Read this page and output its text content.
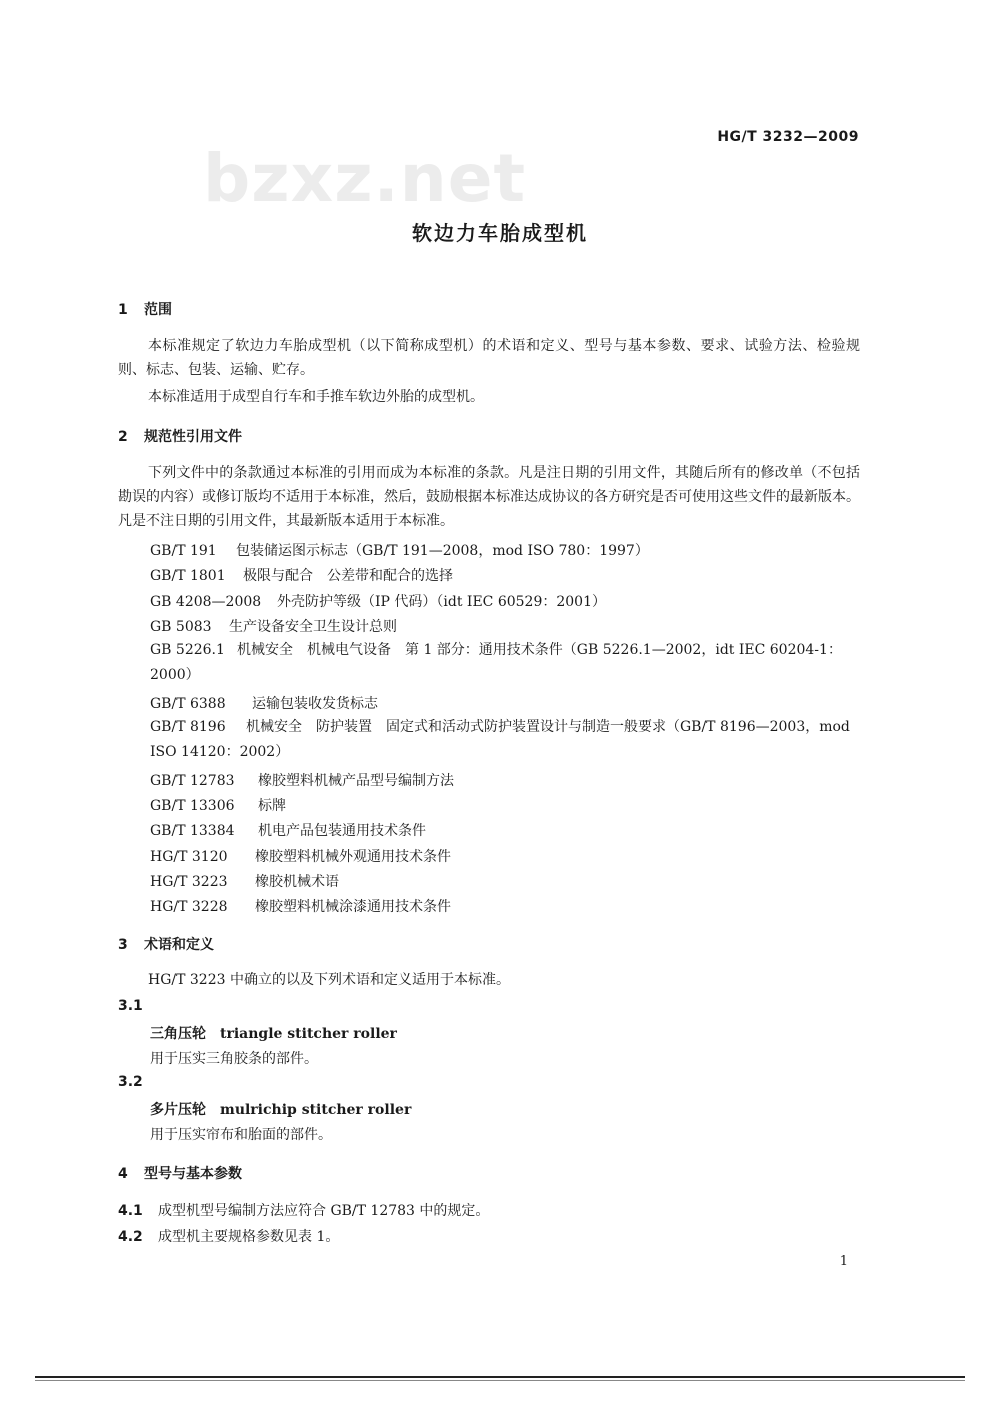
HG/T 3232—2009
bzxz.net
软边力车胎成型机
1 范围
本标准规定了软边力车胎成型机（以下简称成型机）的术语和定义、型号与基本参数、要求、试验方法、检验规则、标志、包装、运输、贮存。
本标准适用于成型自行车和手推车软边外胎的成型机。
2 规范性引用文件
下列文件中的条款通过本标准的引用而成为本标准的条款。凡是注日期的引用文件，其随后所有的修改单（不包括勘误的内容）或修订版均不适用于本标准，然后，鼓励根据本标准达成协议的各方研究是否可使用这些文件的最新版本。凡是不注日期的引用文件，其最新版本适用于本标准。
GB/T 191 包装储运图示标志（GB/T 191—2008，mod ISO 780：1997）
GB/T 1801 极限与配合　公差带和配合的选择
GB 4208—2008 外壳防护等级（IP 代码）（idt IEC 60529：2001）
GB 5083 生产设备安全卫生设计总则
GB 5226.1 机械安全　机械电气设备　第 1 部分：通用技术条件（GB 5226.1—2002，idt IEC 60204-1：2000）
GB/T 6388 运输包装收发货标志
GB/T 8196 机械安全　防护装置　固定式和活动式防护装置设计与制造一般要求（GB/T 8196—2003，mod ISO 14120：2002）
GB/T 12783 橡胶塑料机械产品型号编制方法
GB/T 13306 标牌
GB/T 13384 机电产品包装通用技术条件
HG/T 3120 橡胶塑料机械外观通用技术条件
HG/T 3223 橡胶机械术语
HG/T 3228 橡胶塑料机械涂漆通用技术条件
3 术语和定义
HG/T 3223 中确立的以及下列术语和定义适用于本标准。
3.1
三角压轮 triangle stitcher roller
用于压实三角胶条的部件。
3.2
多片压轮 mulrichip stitcher roller
用于压实帘布和胎面的部件。
4 型号与基本参数
4.1 成型机型号编制方法应符合 GB/T 12783 中的规定。
4.2 成型机主要规格参数见表 1。
1
